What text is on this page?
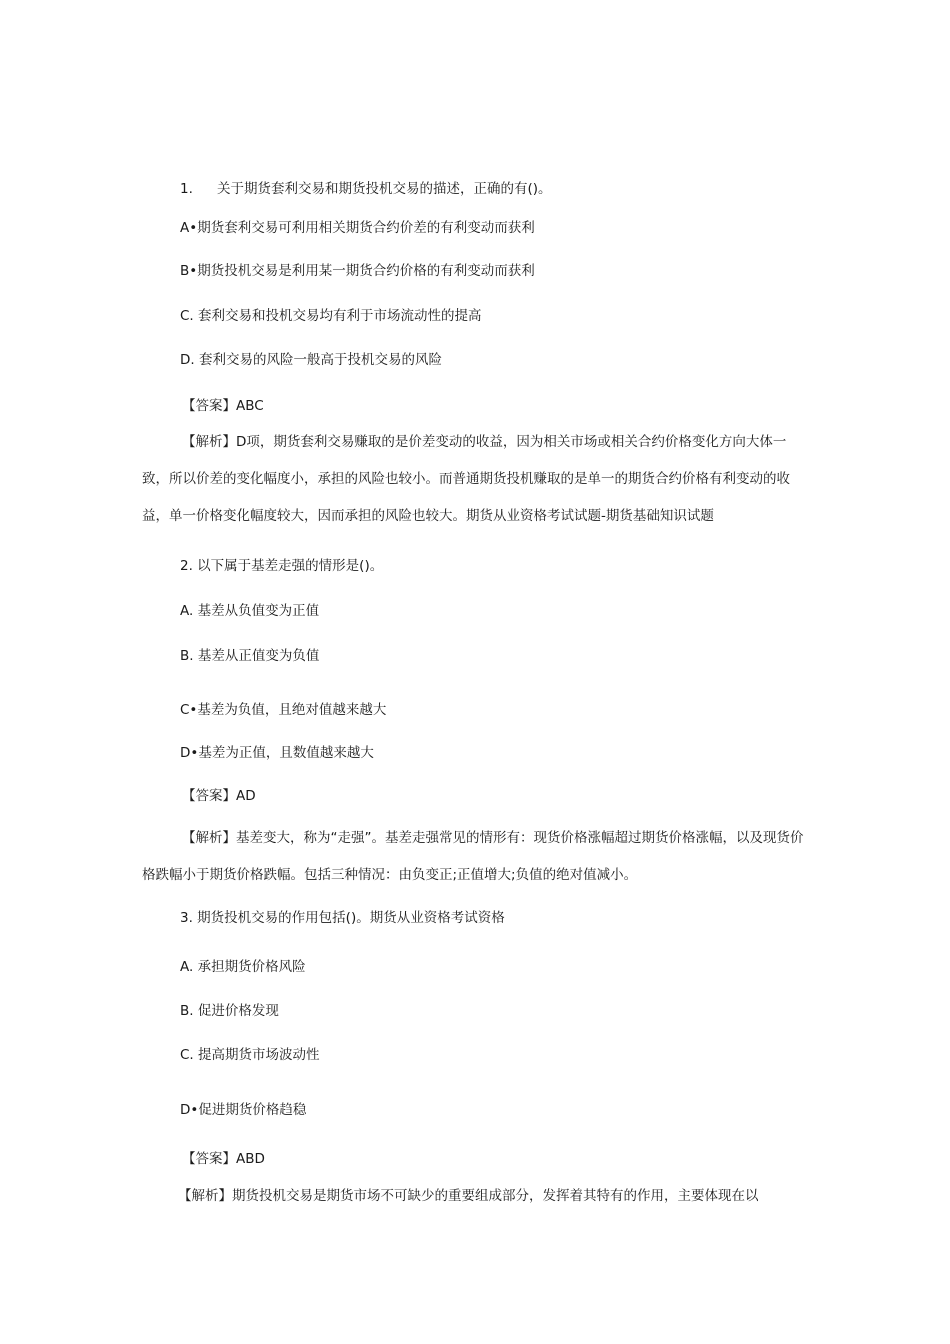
1. 关于期货套利交易和期货投机交易的描述，正确的有()。
A•期货套利交易可利用相关期货合约价差的有利变动而获利
B•期货投机交易是利用某一期货合约价格的有利变动而获利
C. 套利交易和投机交易均有利于市场流动性的提高
D. 套利交易的风险一般高于投机交易的风险
【答案】ABC
【解析】D项，期货套利交易赚取的是价差变动的收益，因为相关市场或相关合约价格变化方向大体一致，所以价差的变化幅度小，承担的风险也较小。而普通期货投机赚取的是单一的期货合约价格有利变动的收益，单一价格变化幅度较大，因而承担的风险也较大。期货从业资格考试试题-期货基础知识试题
2. 以下属于基差走强的情形是()。
A. 基差从负值变为正值
B. 基差从正值变为负值
C•基差为负值，且绝对值越来越大
D•基差为正值，且数值越来越大
【答案】AD
【解析】基差变大，称为“走强”。基差走强常见的情形有：现货价格涨幅超过期货价格涨幅，以及现货价格跌幅小于期货价格跌幅。包括三种情况：由负变正;正值增大;负值的绝对值减小。
3. 期货投机交易的作用包括()。期货从业资格考试资格
A. 承担期货价格风险
B. 促进价格发现
C. 提高期货市场波动性
D•促进期货价格趋稳
【答案】ABD
【解析】期货投机交易是期货市场不可缺少的重要组成部分，发挥着其特有的作用，主要体现在以
